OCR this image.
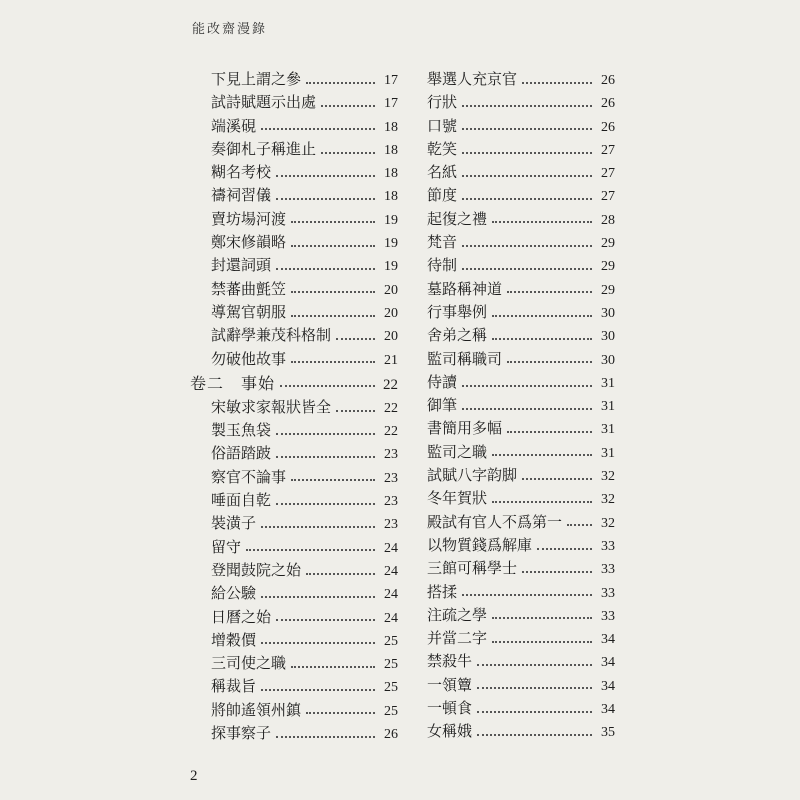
能改齋漫錄
下見上謂之參	17
試詩賦題示出處	17
端溪硯	18
奏御札子稱進止	18
糊名考校	18
禱祠習儀	18
賣坊場河渡	19
鄭宋修韻略	19
封還詞頭	19
禁蕃曲氈笠	20
導駕官朝服	20
試辭學兼茂科格制	20
勿破他故事	21
卷二　事始	22
宋敏求家報狀皆全	22
製玉魚袋	22
俗語踏跛	23
察官不論事	23
唾面自乾	23
裝潢子	23
留守	24
登聞鼓院之始	24
給公驗	24
日曆之始	24
增穀價	25
三司使之職	25
稱裁旨	25
將帥遙領州鎮	25
探事察子	26
舉選人充京官	26
行狀	26
口號	26
乾笑	27
名紙	27
節度	27
起復之禮	28
梵音	29
待制	29
墓路稱神道	29
行事舉例	30
舍弟之稱	30
監司稱職司	30
侍讀	31
御筆	31
書簡用多幅	31
監司之職	31
試賦八字韵脚	32
冬年賀狀	32
殿試有官人不爲第一	32
以物質錢爲解庫	33
三館可稱學士	33
搭揉	33
注疏之學	33
并當二字	34
禁殺牛	34
一領簟	34
一頓食	34
女稱娥	35
2
